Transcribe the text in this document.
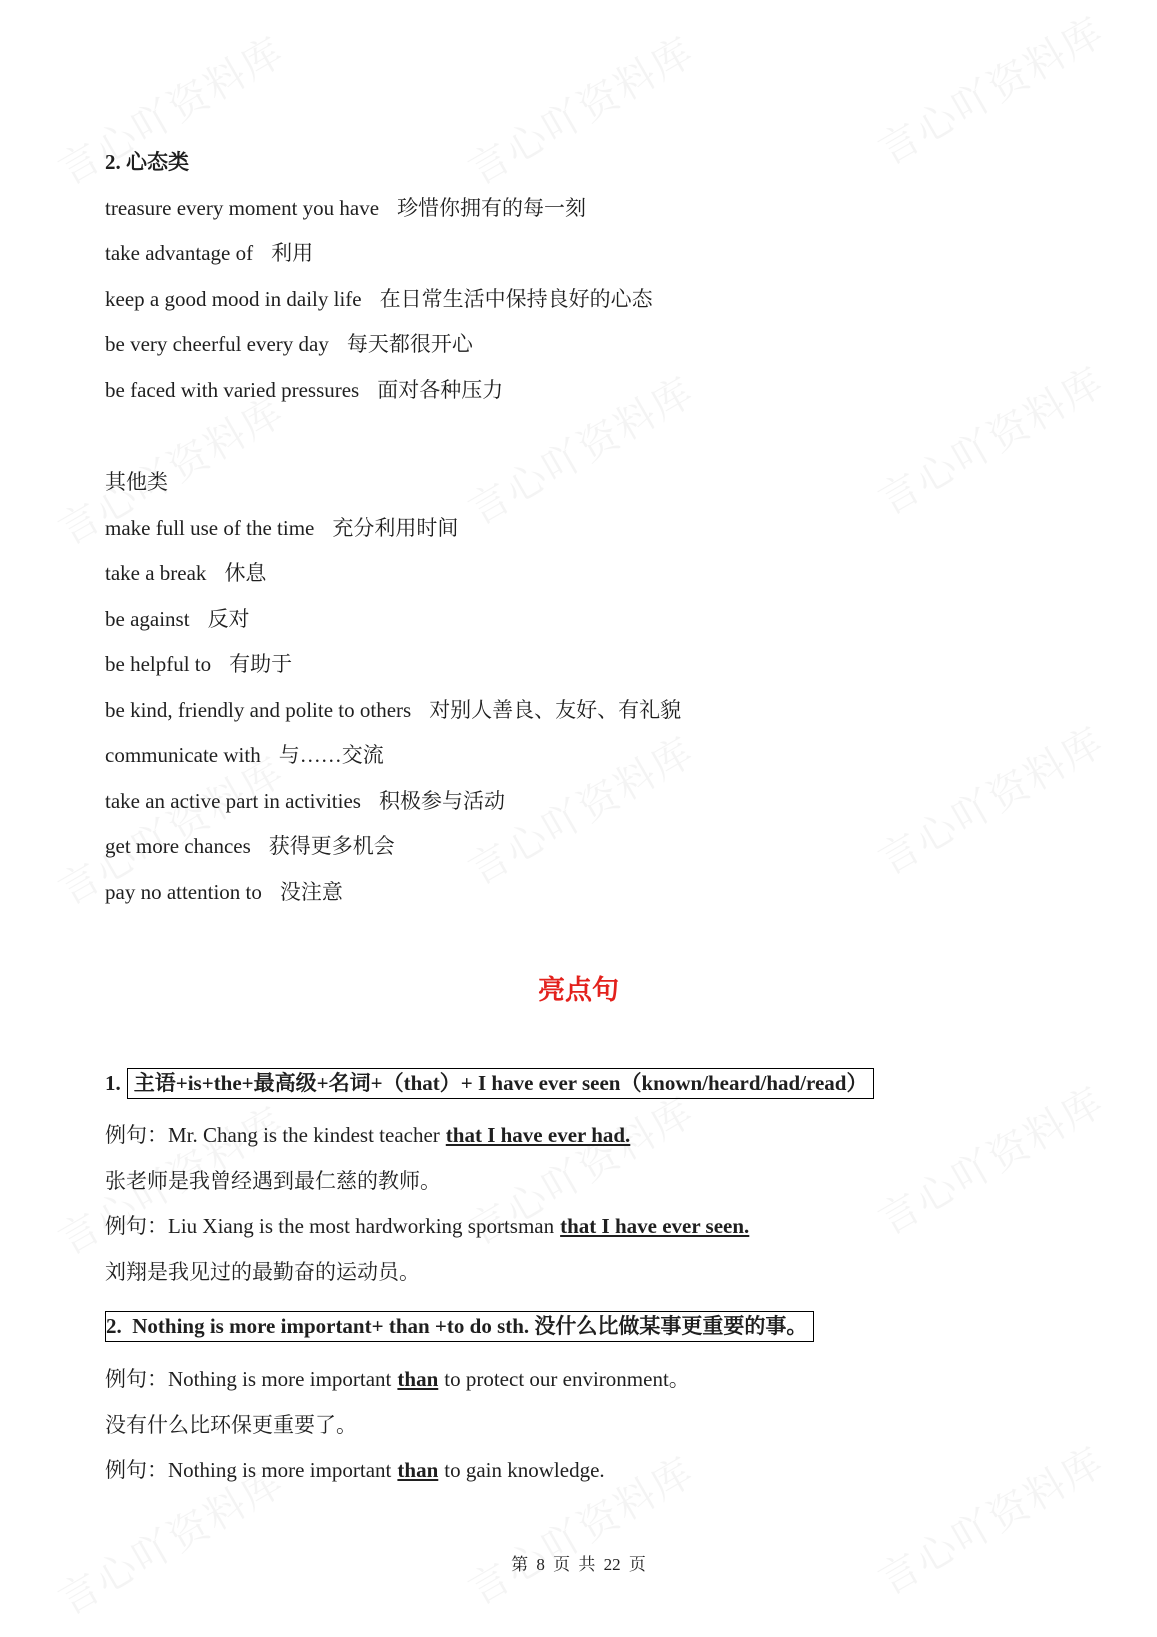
2. 心态类
treasure every moment you have 珍惜你拥有的每一刻
take advantage of 利用
keep a good mood in daily life 在日常生活中保持良好的心态
be very cheerful every day 每天都很开心
be faced with varied pressures 面对各种压力
其他类
make full use of the time 充分利用时间
take a break 休息
be against 反对
be helpful to 有助于
be kind, friendly and polite to others 对别人善良、友好、有礼貌
communicate with 与……交流
take an active part in activities 积极参与活动
get more chances 获得更多机会
pay no attention to 没注意
亮点句
1. 主语+is+the+最高级+名词+（that）+ I have ever seen（known/heard/had/read）
例句：Mr. Chang is the kindest teacher that I have ever had.
张老师是我曾经遇到最仁慈的教师。
例句：Liu Xiang is the most hardworking sportsman that I have ever seen.
刘翔是我见过的最勤奋的运动员。
2. Nothing is more important+ than +to do sth. 没什么比做某事更重要的事。
例句：Nothing is more important than to protect our environment。
没有什么比环保更重要了。
例句：Nothing is more important than to gain knowledge.
第 8 页 共 22 页
